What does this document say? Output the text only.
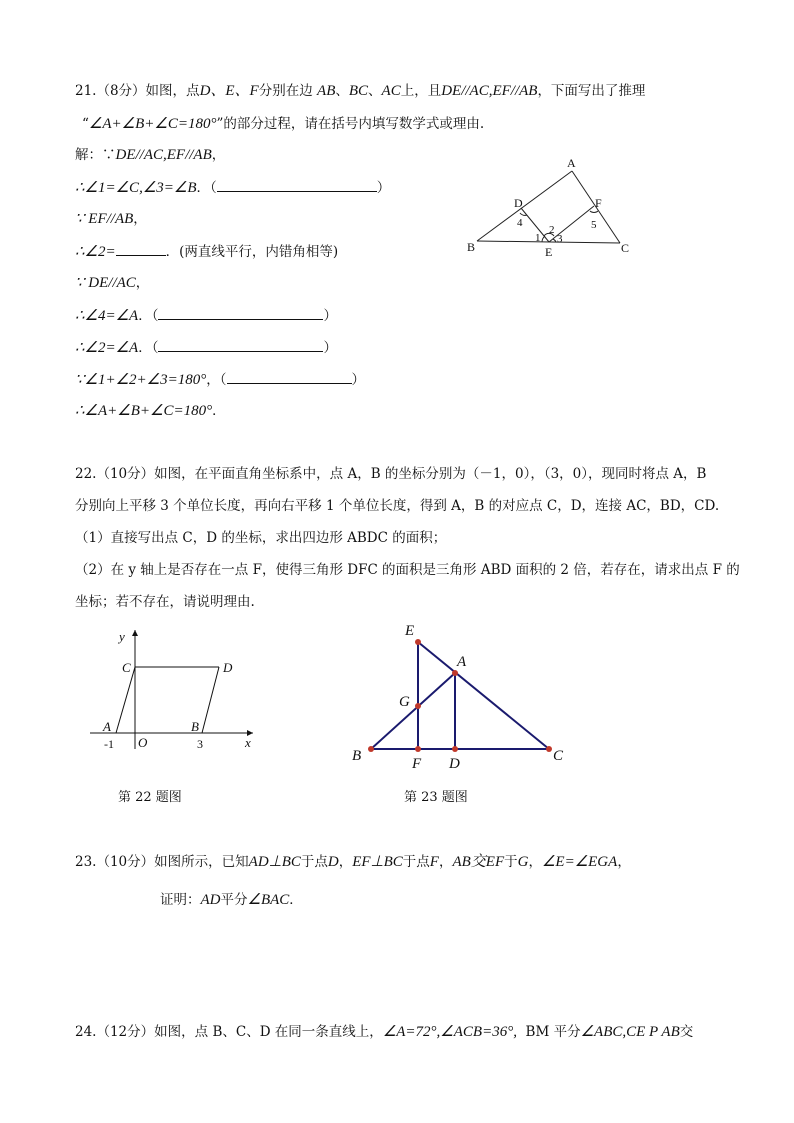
21.（8分）如图，点D、E、F分别在边 AB、BC、AC上，且DE//AC,EF//AB，下面写出了推理
“∠A+∠B+∠C=180°”的部分过程，请在括号内填写数学式或理由.
解：∵DE//AC,EF//AB，
∴∠1=∠C,∠3=∠B．（	）
∵ EF//AB，
∴∠2=	．(两直线平行，内错角相等)
∵ DE//AC，
∴∠4=∠A．（	）
∴∠2=∠A．（	）
∵∠1+∠2+∠3=180°，（	）
∴∠A+∠B+∠C=180°．
A
B	C
D
E
F
1
2
3
4	5
22.（10分）如图，在平面直角坐标系中，点 A，B 的坐标分别为（－1，0），（3，0），现同时将点 A，B
分别向上平移 3 个单位长度，再向右平移 1 个单位长度，得到 A，B 的对应点 C，D，连接 AC，BD，CD.
（1）直接写出点 C，D 的坐标，求出四边形 ABDC 的面积；
（2）在 y 轴上是否存在一点 F，使得三角形 DFC 的面积是三角形 ABD 面积的 2 倍，若存在，请求出点 F 的
坐标；若不存在，请说明理由.
y
x
C	D
A	B
O
-1	3
第 22 题图
E
A
G
B	F D	C
第 23 题图
23.（10分）如图所示，已知AD⊥BC于点D，EF⊥BC于点F，AB交EF于G，∠E=∠EGA，
证明：AD平分∠BAC．
24.（12分）如图，点 B、C、D 在同一条直线上，∠A=72°,∠ACB=36°, BM 平分∠ABC,CE P AB交
